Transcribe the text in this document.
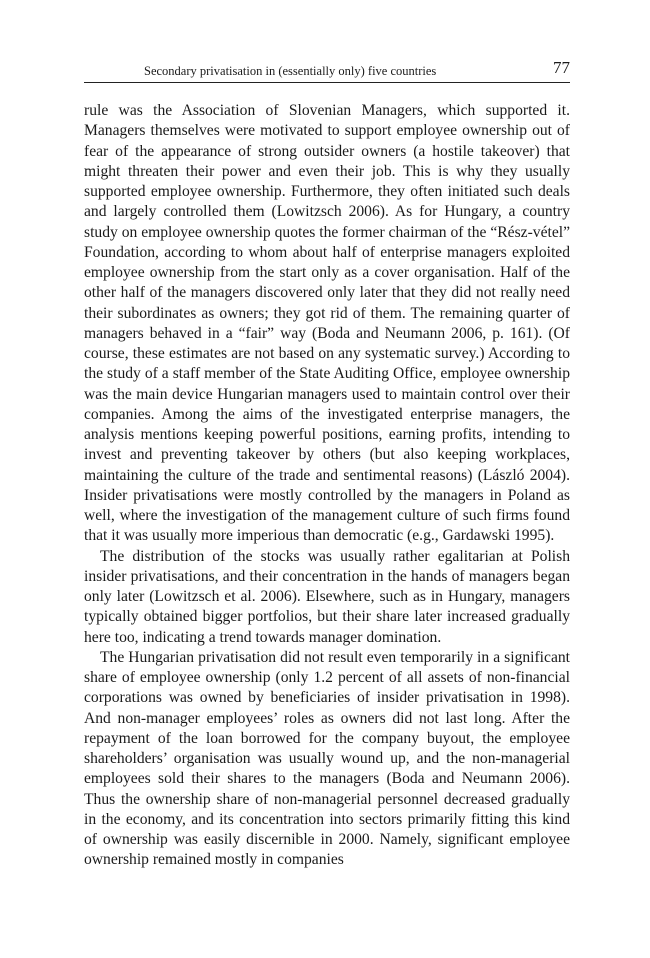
Secondary privatisation in (essentially only) five countries	77

rule was the Association of Slovenian Managers, which supported it. Managers themselves were motivated to support employee ownership out of fear of the appearance of strong outsider owners (a hostile takeover) that might threaten their power and even their job. This is why they usually supported employee ownership. Furthermore, they often initiated such deals and largely controlled them (Lowitzsch 2006). As for Hungary, a country study on employee ownership quotes the former chairman of the “Rész-vétel” Foundation, according to whom about half of enterprise managers exploited employee ownership from the start only as a cover organisation. Half of the other half of the managers discovered only later that they did not really need their subordinates as owners; they got rid of them. The remaining quarter of managers behaved in a “fair” way (Boda and Neumann 2006, p. 161). (Of course, these estimates are not based on any systematic survey.) According to the study of a staff member of the State Auditing Office, employee ownership was the main device Hungarian managers used to maintain control over their companies. Among the aims of the investigated enterprise managers, the analysis mentions keeping powerful positions, earning profits, intending to invest and preventing takeover by others (but also keeping workplaces, maintaining the culture of the trade and sentimental reasons) (László 2004). Insider privatisations were mostly controlled by the managers in Poland as well, where the investigation of the management culture of such firms found that it was usually more imperious than democratic (e.g., Gardawski 1995).

The distribution of the stocks was usually rather egalitarian at Polish insider privatisations, and their concentration in the hands of managers began only later (Lowitzsch et al. 2006). Elsewhere, such as in Hungary, managers typically obtained bigger portfolios, but their share later increased gradually here too, indicating a trend towards manager domination.

The Hungarian privatisation did not result even temporarily in a significant share of employee ownership (only 1.2 percent of all assets of non-financial corporations was owned by beneficiaries of insider privatisation in 1998). And non-manager employees’ roles as owners did not last long. After the repayment of the loan borrowed for the company buyout, the employee shareholders’ organisation was usually wound up, and the non-managerial employees sold their shares to the managers (Boda and Neumann 2006). Thus the ownership share of non-managerial personnel decreased gradually in the economy, and its concentration into sectors primarily fitting this kind of ownership was easily discernible in 2000. Namely, significant employee ownership remained mostly in companies
